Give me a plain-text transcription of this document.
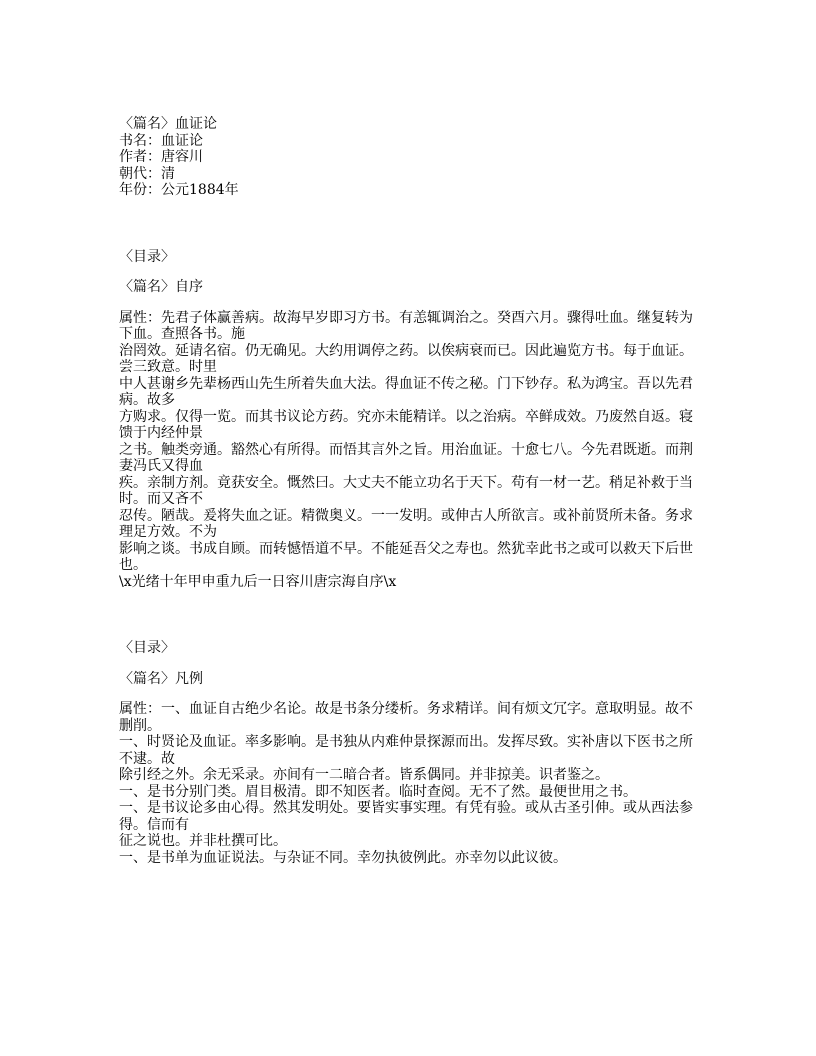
〈篇名〉血证论
书名：血证论
作者：唐容川
朝代：清
年份：公元1884年
〈目录〉
〈篇名〉自序
属性：先君子体赢善病。故海早岁即习方书。有恙辄调治之。癸酉六月。骤得吐血。继复转为
下血。查照各书。施
治罔效。延请名宿。仍无确见。大约用调停之药。以俟病衰而已。因此遍览方书。每于血证。
尝三致意。时里
中人甚谢乡先辈杨西山先生所着失血大法。得血证不传之秘。门下钞存。私为鸿宝。吾以先君
病。故多
方购求。仅得一览。而其书议论方药。究亦未能精详。以之治病。卒鲜成效。乃废然自返。寝
馈于内经仲景
之书。触类旁通。豁然心有所得。而悟其言外之旨。用治血证。十愈七八。今先君既逝。而荆
妻冯氏又得血
疾。亲制方剂。竟获安全。慨然曰。大丈夫不能立功名于天下。苟有一材一艺。稍足补救于当
时。而又吝不
忍传。陋哉。爰将失血之证。精微奥义。一一发明。或伸古人所欲言。或补前贤所未备。务求
理足方效。不为
影响之谈。书成自顾。而转憾悟道不早。不能延吾父之寿也。然犹幸此书之或可以救天下后世
也。
\x光绪十年甲申重九后一日容川唐宗海自序\x
〈目录〉
〈篇名〉凡例
属性：一、血证自古绝少名论。故是书条分缕析。务求精详。间有烦文冗字。意取明显。故不
删削。
一、时贤论及血证。率多影响。是书独从内难仲景探源而出。发挥尽致。实补唐以下医书之所
不逮。故
除引经之外。余无采录。亦间有一二暗合者。皆系偶同。并非掠美。识者鉴之。
一、是书分别门类。眉目极清。即不知医者。临时查阅。无不了然。最便世用之书。
一、是书议论多由心得。然其发明处。要皆实事实理。有凭有验。或从古圣引伸。或从西法参
得。信而有
征之说也。并非杜撰可比。
一、是书单为血证说法。与杂证不同。幸勿执彼例此。亦幸勿以此议彼。
